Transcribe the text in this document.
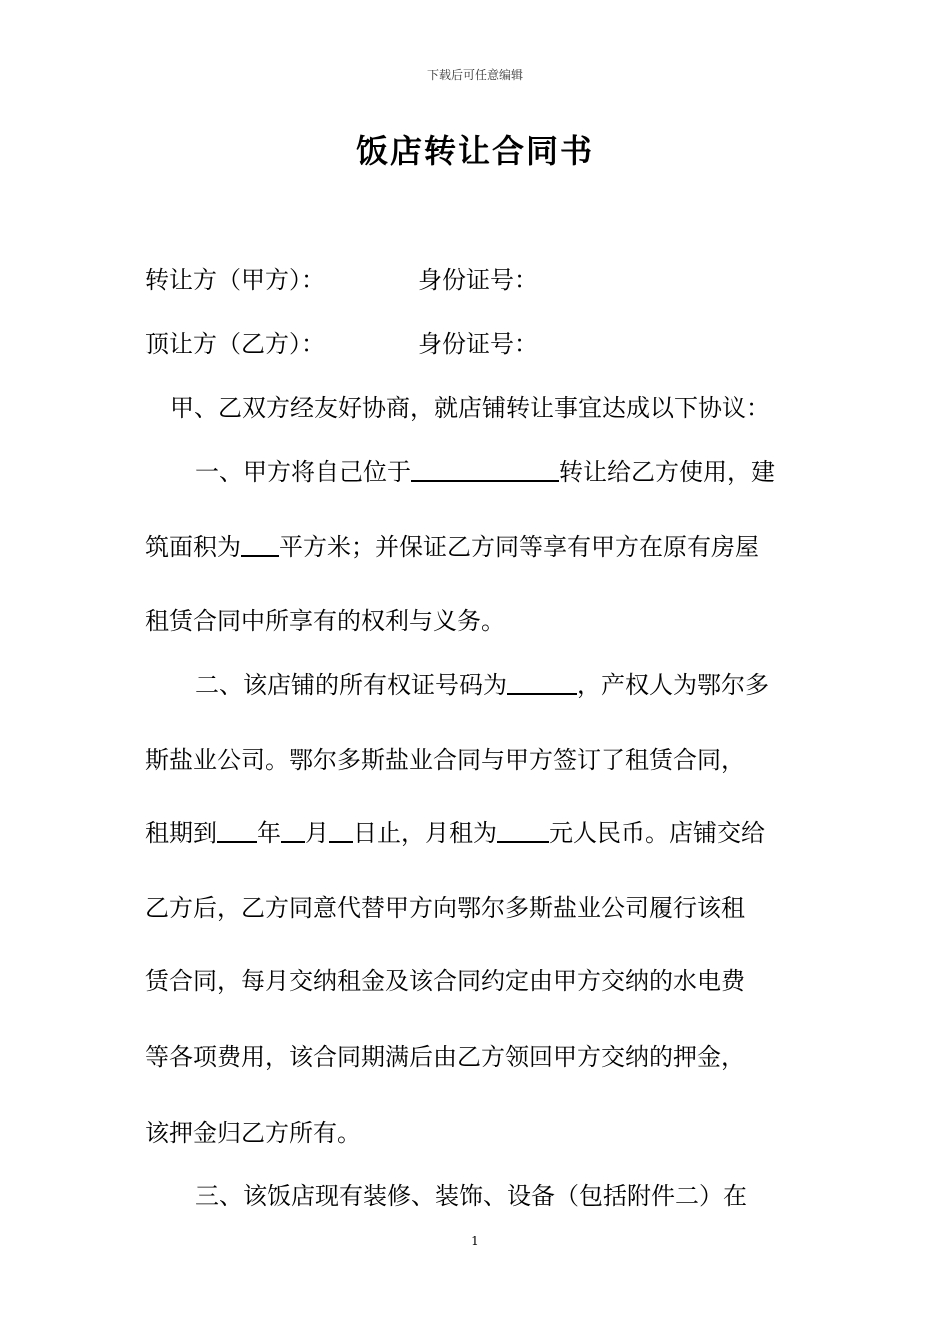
下载后可任意编辑
饭店转让合同书
转让方（甲方）：	身份证号：
顶让方（乙方）：	身份证号：
甲、乙双方经友好协商，就店铺转让事宜达成以下协议：
一、甲方将自己位于	转让给乙方使用，建
筑面积为 平方米；并保证乙方同等享有甲方在原有房屋
租赁合同中所享有的权利与义务。
二、该店铺的所有权证号码为	，产权人为鄂尔多
斯盐业公司。鄂尔多斯盐业合同与甲方签订了租赁合同，
租期到 年 月 日止，月租为 元人民币。店铺交给
乙方后，乙方同意代替甲方向鄂尔多斯盐业公司履行该租
赁合同，每月交纳租金及该合同约定由甲方交纳的水电费
等各项费用，该合同期满后由乙方领回甲方交纳的押金，
该押金归乙方所有。
三、该饭店现有装修、装饰、设备（包括附件二）在
1
